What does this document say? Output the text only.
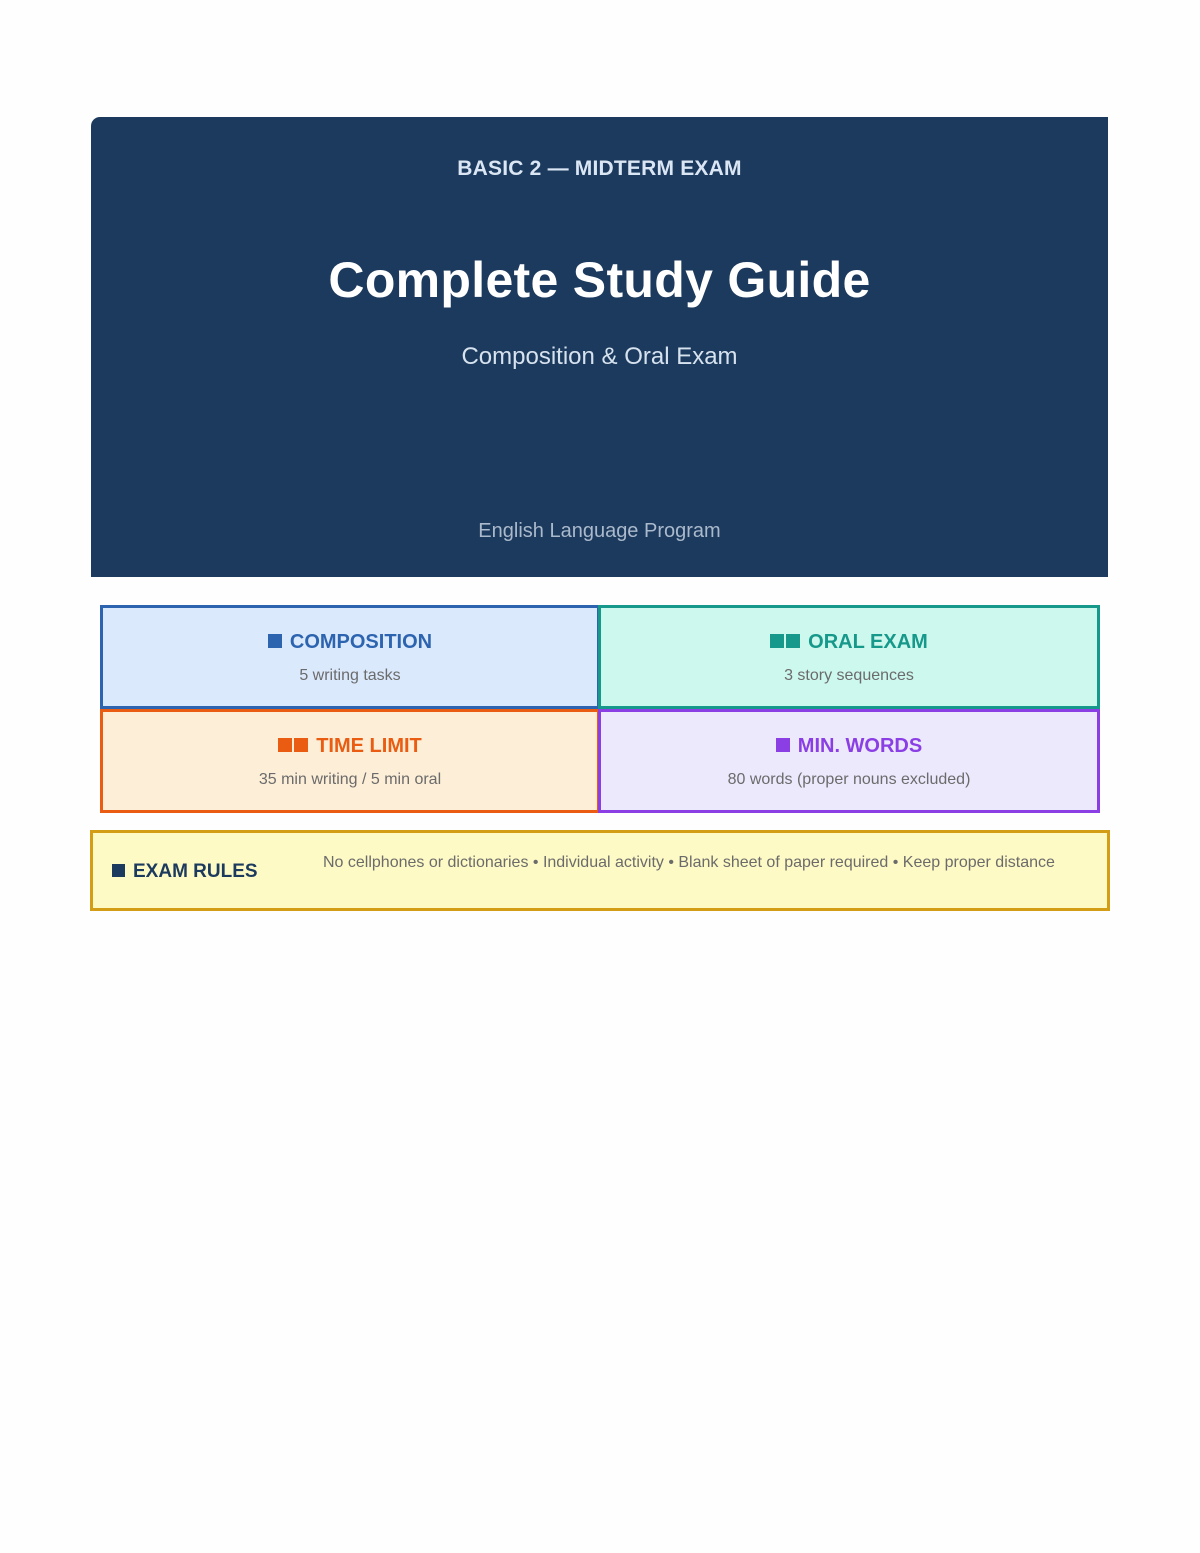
BASIC 2 — MIDTERM EXAM
Complete Study Guide
Composition & Oral Exam
English Language Program
COMPOSITION
5 writing tasks
ORAL EXAM
3 story sequences
TIME LIMIT
35 min writing / 5 min oral
MIN. WORDS
80 words (proper nouns excluded)
EXAM RULES	No cellphones or dictionaries • Individual activity • Blank sheet of paper required • Keep proper distance
